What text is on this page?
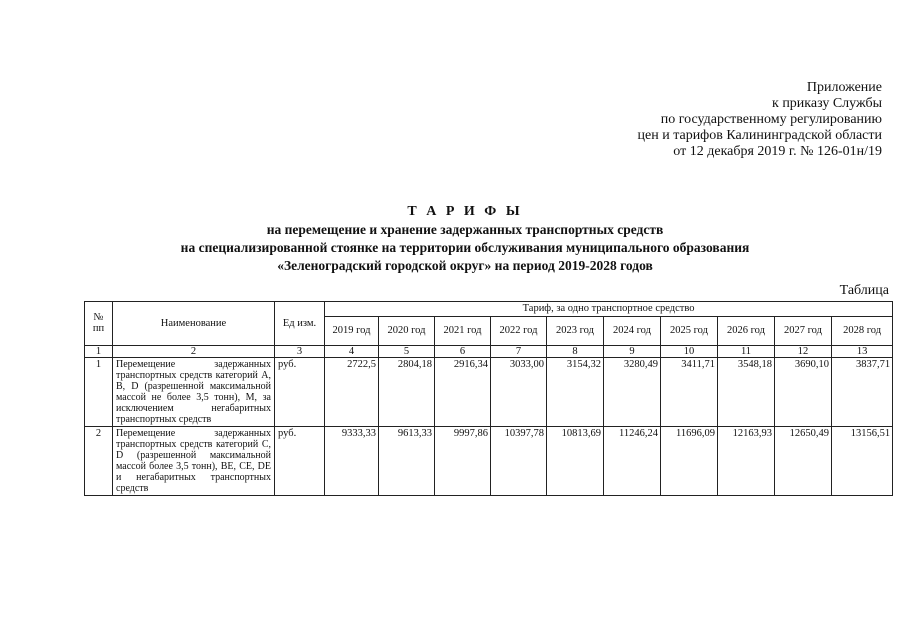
Приложение
к приказу Службы
по государственному регулированию
цен и тарифов Калининградской области
от 12 декабря 2019 г. № 126-01н/19
Т А Р И Ф Ы
на перемещение и хранение задержанных транспортных средств
на специализированной стоянке на территории обслуживания муниципального образования
«Зеленоградский городской округ» на период 2019-2028 годов
Таблица
№ пп	Наименование	Ед изм.	Тариф, за одно транспортное средство									
			2019 год	2020 год	2021 год	2022 год	2023 год	2024 год	2025 год	2026 год	2027 год	2028 год
1	2	3	4	5	6	7	8	9	10	11	12	13
1	Перемещение задержанных транспортных средств категорий А, В, D (разрешенной максимальной массой не более 3,5 тонн), М, за исключением негабаритных транспортных средств	руб.	2722,5	2804,18	2916,34	3033,00	3154,32	3280,49	3411,71	3548,18	3690,10	3837,71
2	Перемещение задержанных транспортных средств категорий С, D (разрешенной максимальной массой более 3,5 тонн), ВЕ, СЕ, DE и негабаритных транспортных средств	руб.	9333,33	9613,33	9997,86	10397,78	10813,69	11246,24	11696,09	12163,93	12650,49	13156,51
